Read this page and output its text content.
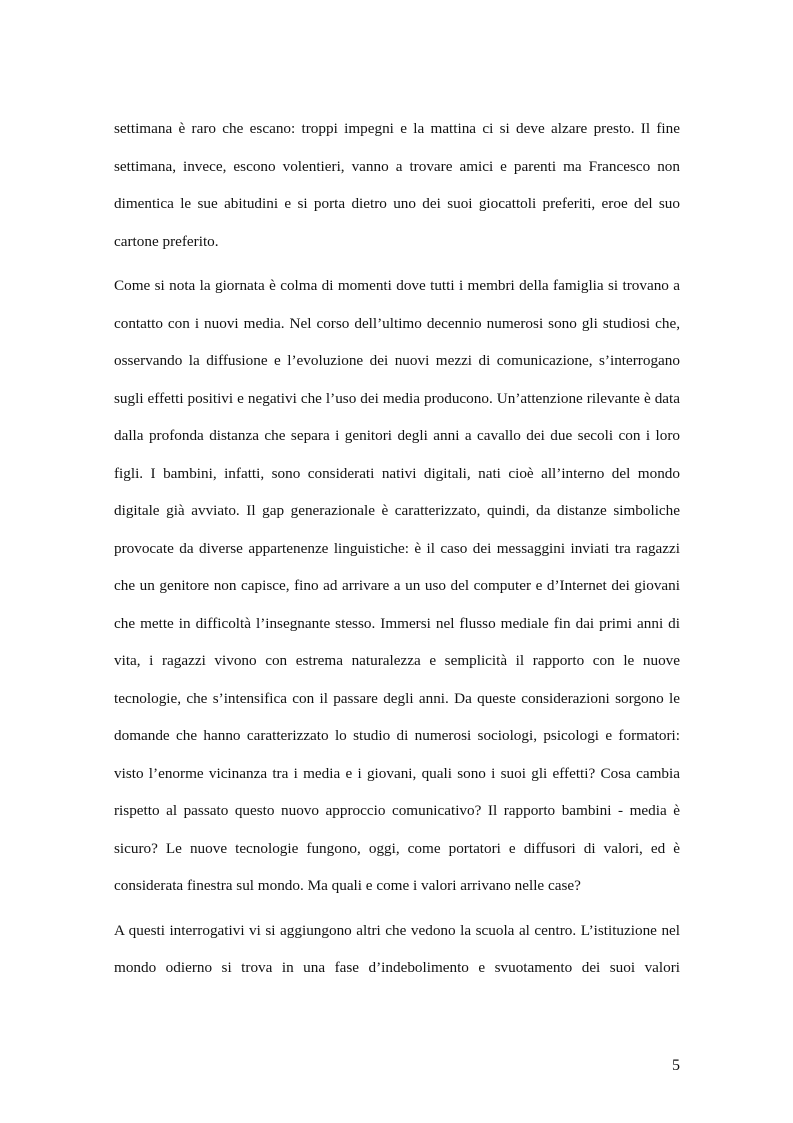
settimana è raro che escano: troppi impegni e la mattina ci si deve alzare presto. Il fine settimana, invece, escono volentieri, vanno a trovare amici e parenti ma Francesco non dimentica le sue abitudini e si porta dietro uno dei suoi giocattoli preferiti, eroe del suo cartone preferito.

Come si nota la giornata è colma di momenti dove tutti i membri della famiglia si trovano a contatto con i nuovi media. Nel corso dell’ultimo decennio numerosi sono gli studiosi che, osservando la diffusione e l’evoluzione dei nuovi mezzi di comunicazione, s’interrogano sugli effetti positivi e negativi che l’uso dei media producono. Un’attenzione rilevante è data dalla profonda distanza che separa i genitori degli anni a cavallo dei due secoli con i loro figli. I bambini, infatti, sono considerati nativi digitali, nati cioè all’interno del mondo digitale già avviato. Il gap generazionale è caratterizzato, quindi, da distanze simboliche provocate da diverse appartenenze linguistiche: è il caso dei messaggini inviati tra ragazzi che un genitore non capisce, fino ad arrivare a un uso del computer e d’Internet dei giovani che mette in difficoltà l’insegnante stesso. Immersi nel flusso mediale fin dai primi anni di vita, i ragazzi vivono con estrema naturalezza e semplicità il rapporto con le nuove tecnologie, che s’intensifica con il passare degli anni. Da queste considerazioni sorgono le domande che hanno caratterizzato lo studio di numerosi sociologi, psicologi e formatori: visto l’enorme vicinanza tra i media e i giovani, quali sono i suoi gli effetti? Cosa cambia rispetto al passato questo nuovo approccio comunicativo? Il rapporto bambini - media è sicuro? Le nuove tecnologie fungono, oggi, come portatori e diffusori di valori, ed è considerata finestra sul mondo. Ma quali e come i valori arrivano nelle case?

A questi interrogativi vi si aggiungono altri che vedono la scuola al centro. L’istituzione nel mondo odierno si trova in una fase d’indebolimento e svuotamento dei suoi valori

5
